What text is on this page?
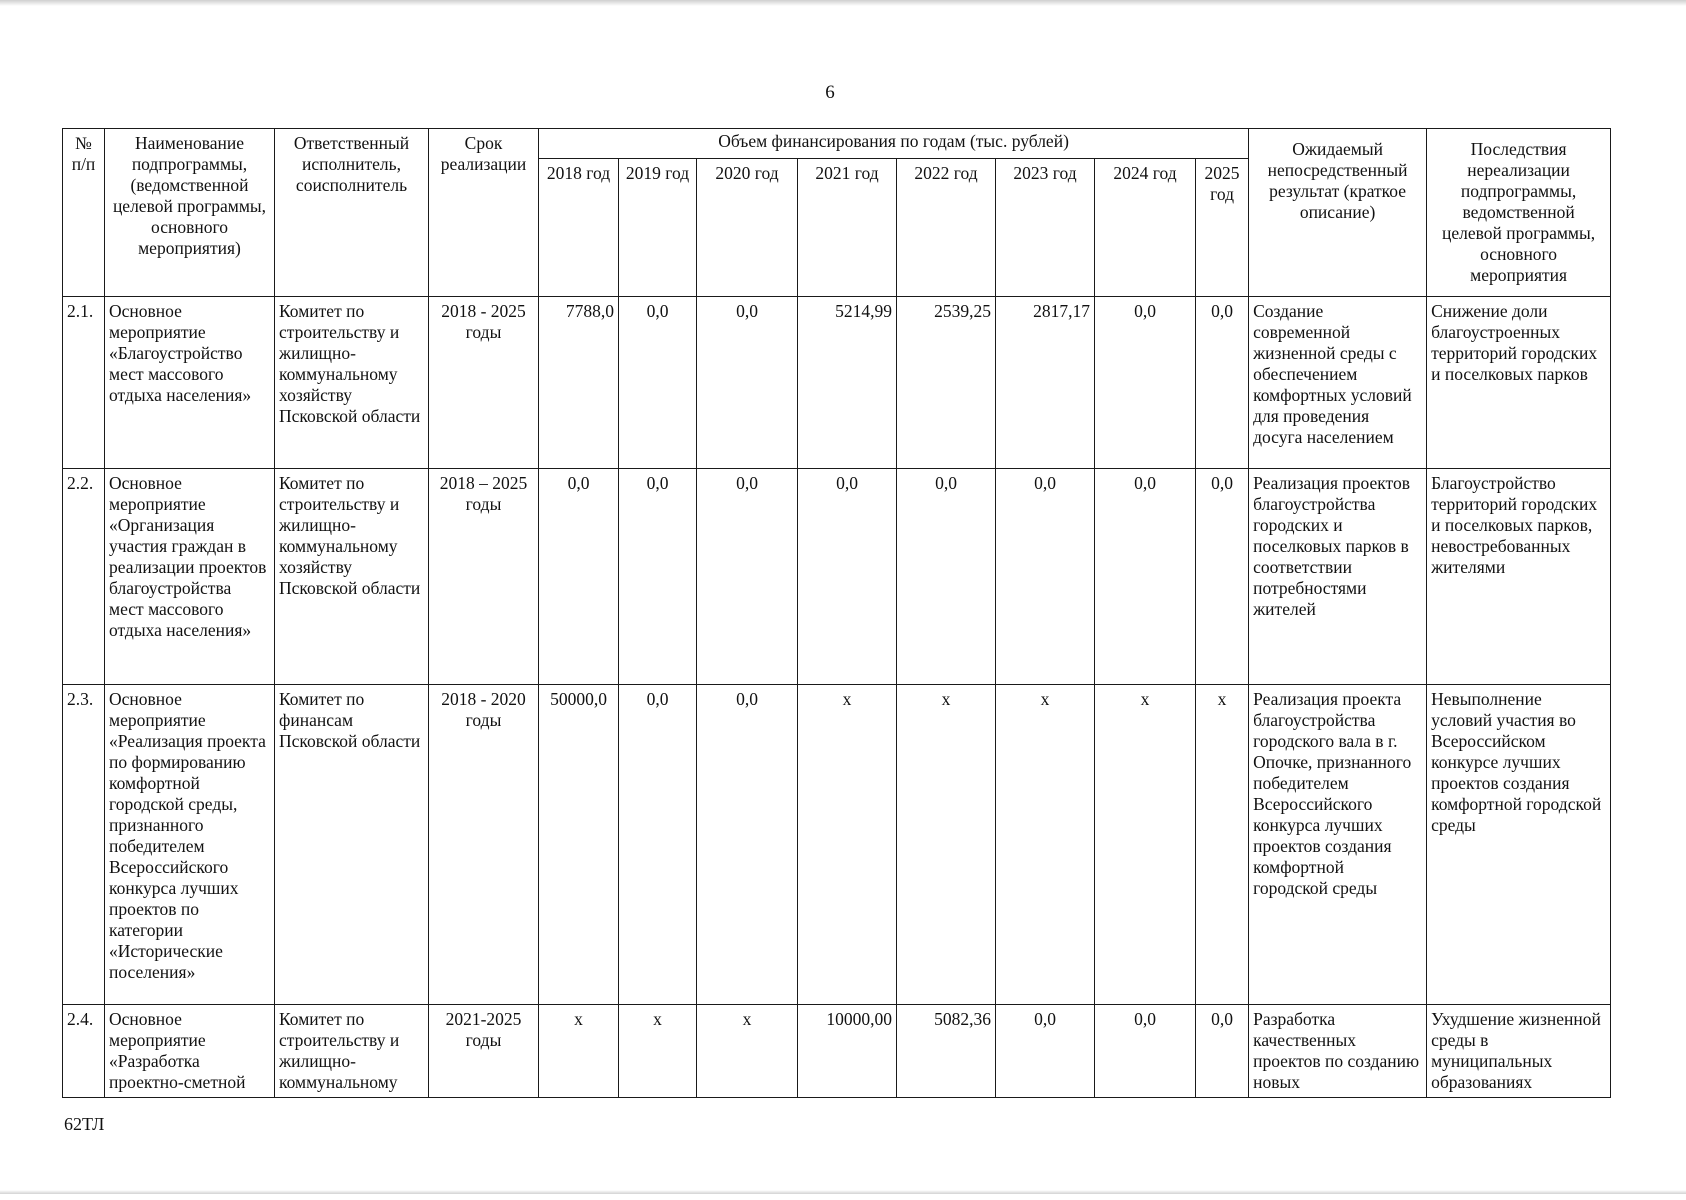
6
№ п/п	Наименование подпрограммы, (ведомственной целевой программы, основного мероприятия)	Ответственный исполнитель, соисполнитель	Срок реализации	Объем финансирования по годам (тыс. рублей)								Ожидаемый непосредственный результат (краткое описание)	Последствия нереализации подпрограммы, ведомственной целевой программы, основного мероприятия
				2018 год	2019 год	2020 год	2021 год	2022 год	2023 год	2024 год	2025 год		
2.1.	Основное мероприятие «Благоустройство мест массового отдыха населения»	Комитет по строительству и жилищно-коммунальному хозяйству Псковской области	2018 - 2025 годы	7788,0	0,0	0,0	5214,99	2539,25	2817,17	0,0	0,0	Создание современной жизненной среды с обеспечением комфортных условий для проведения досуга населением	Снижение доли благоустроенных территорий городских и поселковых парков
2.2.	Основное мероприятие «Организация участия граждан в реализации проектов благоустройства мест массового отдыха населения»	Комитет по строительству и жилищно-коммунальному хозяйству Псковской области	2018 – 2025 годы	0,0	0,0	0,0	0,0	0,0	0,0	0,0	0,0	Реализация проектов благоустройства городских и поселковых парков в соответствии потребностями жителей	Благоустройство территорий городских и поселковых парков, невостребованных жителями
2.3.	Основное мероприятие «Реализация проекта по формированию комфортной городской среды, признанного победителем Всероссийского конкурса лучших проектов по категории «Исторические поселения»	Комитет по финансам Псковской области	2018 - 2020 годы	50000,0	0,0	0,0	x	x	x	x	x	Реализация проекта благоустройства городского вала в г. Опочке, признанного победителем Всероссийского конкурса лучших проектов создания комфортной городской среды	Невыполнение условий участия во Всероссийском конкурсе лучших проектов создания комфортной городской среды
2.4.	Основное мероприятие «Разработка проектно-сметной	Комитет по строительству и жилищно-коммунальному	2021-2025 годы	x	x	x	10000,00	5082,36	0,0	0,0	0,0	Разработка качественных проектов по созданию новых	Ухудшение жизненной среды в муниципальных образованиях
62ТЛ
